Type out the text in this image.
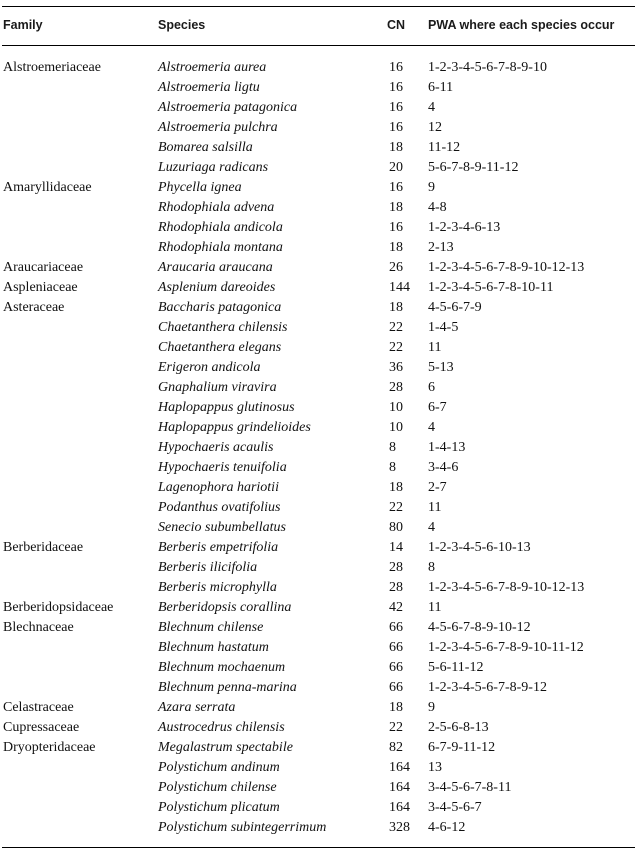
Family	Species	CN PWA where each species occur
Alstroemeriaceae	Alstroemeria aurea	16 1-2-3-4-5-6-7-8-9-10
Alstroemeria ligtu	16 6-11
Alstroemeria patagonica	16 4
Alstroemeria pulchra	16 12
Bomarea salsilla	18 11-12
Luzuriaga radicans	20 5-6-7-8-9-11-12
Amaryllidaceae	Phycella ignea	16 9
Rhodophiala advena	18 4-8
Rhodophiala andicola	16 1-2-3-4-6-13
Rhodophiala montana	18 2-13
Araucariaceae	Araucaria araucana	26 1-2-3-4-5-6-7-8-9-10-12-13
Aspleniaceae	Asplenium dareoides	144 1-2-3-4-5-6-7-8-10-11
Asteraceae	Baccharis patagonica	18 4-5-6-7-9
Chaetanthera chilensis	22 1-4-5
Chaetanthera elegans	22 11
Erigeron andicola	36 5-13
Gnaphalium viravira	28 6
Haplopappus glutinosus	10 6-7
Haplopappus grindelioides	10 4
Hypochaeris acaulis	8 1-4-13
Hypochaeris tenuifolia	8 3-4-6
Lagenophora hariotii	18 2-7
Podanthus ovatifolius	22 11
Senecio subumbellatus	80 4
Berberidaceae	Berberis empetrifolia	14 1-2-3-4-5-6-10-13
Berberis ilicifolia	28 8
Berberis microphylla	28 1-2-3-4-5-6-7-8-9-10-12-13
Berberidopsidaceae	Berberidopsis corallina	42 11
Blechnaceae	Blechnum chilense	66 4-5-6-7-8-9-10-12
Blechnum hastatum	66 1-2-3-4-5-6-7-8-9-10-11-12
Blechnum mochaenum	66 5-6-11-12
Blechnum penna-marina	66 1-2-3-4-5-6-7-8-9-12
Celastraceae	Azara serrata	18 9
Cupressaceae	Austrocedrus chilensis	22 2-5-6-8-13
Dryopteridaceae	Megalastrum spectabile	82 6-7-9-11-12
Polystichum andinum	164 13
Polystichum chilense	164 3-4-5-6-7-8-11
Polystichum plicatum	164 3-4-5-6-7
Polystichum subintegerrimum	328 4-6-12
